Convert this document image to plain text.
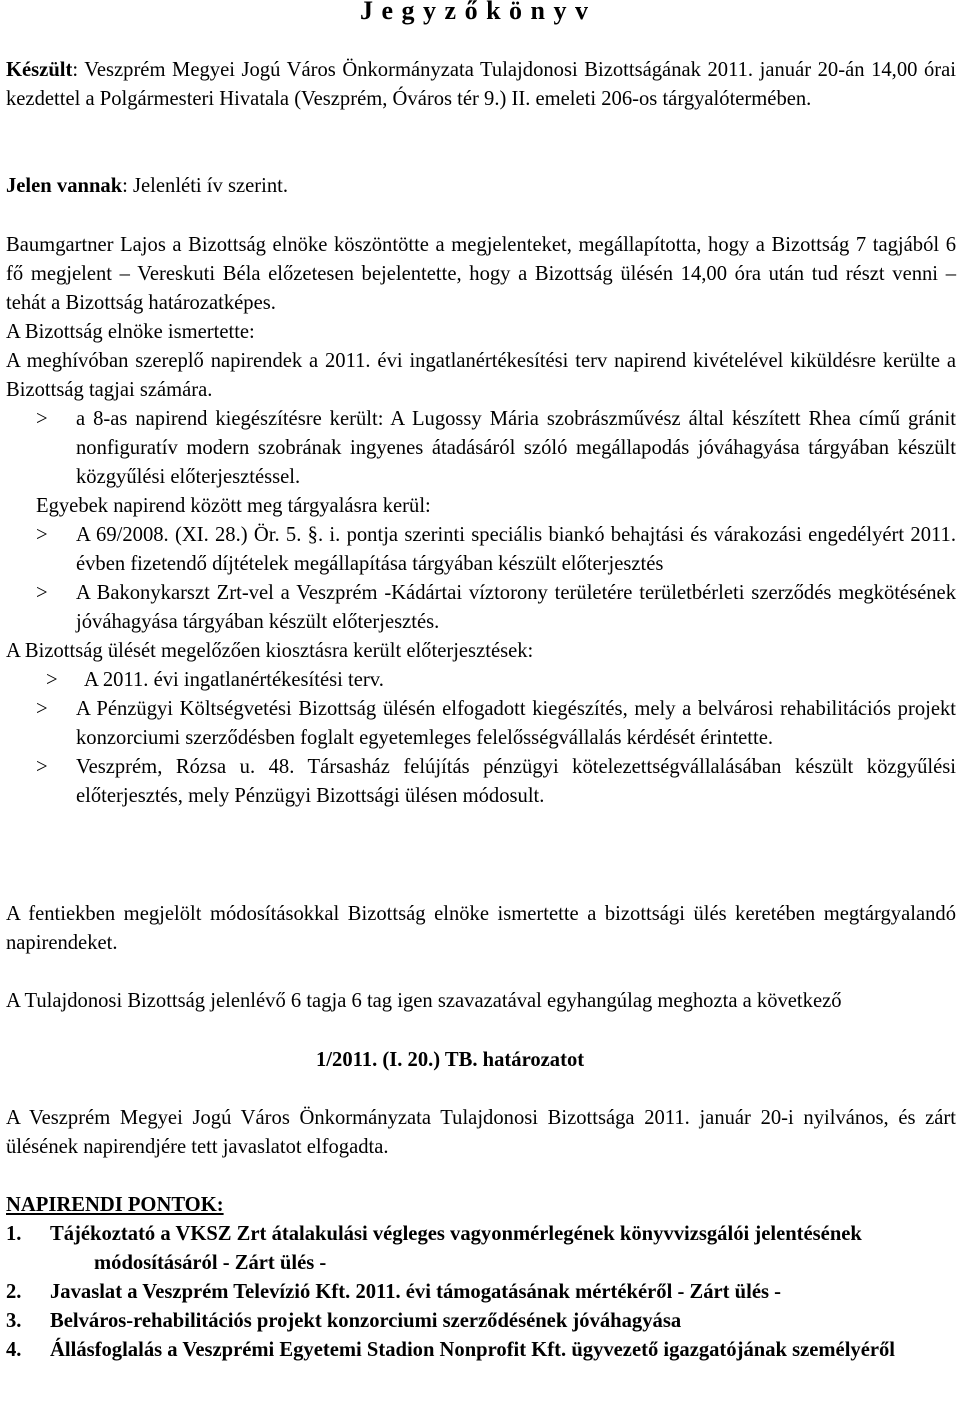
J e g y z ő k ö n y v
Készült: Veszprém Megyei Jogú Város Önkormányzata Tulajdonosi Bizottságának 2011. január 20-án 14,00 órai kezdettel a Polgármesteri Hivatala (Veszprém, Óváros tér 9.) II. emeleti 206-os tárgyalótermében.
Jelen vannak: Jelenléti ív szerint.
Baumgartner Lajos a Bizottság elnöke köszöntötte a megjelenteket, megállapította, hogy a Bizottság 7 tagjából 6 fő megjelent – Vereskuti Béla előzetesen bejelentette, hogy a Bizottság ülésén 14,00 óra után tud részt venni – tehát a Bizottság határozatképes.
A Bizottság elnöke ismertette:
A meghívóban szereplő napirendek a 2011. évi ingatlanértékesítési terv napirend kivételével kiküldésre kerülte a Bizottság tagjai számára.
> a 8-as napirend kiegészítésre került: A Lugossy Mária szobrászművész által készített Rhea című gránit nonfiguratív modern szobrának ingyenes átadásáról szóló megállapodás jóváhagyása tárgyában készült közgyűlési előterjesztéssel.
Egyebek napirend között meg tárgyalásra kerül:
> A 69/2008. (XI. 28.) Ör. 5. §. i. pontja szerinti speciális biankó behajtási és várakozási engedélyért 2011. évben fizetendő díjtételek megállapítása tárgyában készült előterjesztés
> A Bakonykarszt Zrt-vel a Veszprém -Kádártai víztorony területére területbérleti szerződés megkötésének jóváhagyása tárgyában készült előterjesztés.
A Bizottság ülését megelőzően kiosztásra került előterjesztések:
> A 2011. évi ingatlanértékesítési terv.
> A Pénzügyi Költségvetési Bizottság ülésén elfogadott kiegészítés, mely a belvárosi rehabilitációs projekt konzorciumi szerződésben foglalt egyetemleges felelősségvállalás kérdését érintette.
> Veszprém, Rózsa u. 48. Társasház felújítás pénzügyi kötelezettségvállalásában készült közgyűlési előterjesztés, mely Pénzügyi Bizottsági ülésen módosult.
A fentiekben megjelölt módosításokkal Bizottság elnöke ismertette a bizottsági ülés keretében megtárgyalandó napirendeket.
A Tulajdonosi Bizottság jelenlévő 6 tagja 6 tag igen szavazatával egyhangúlag meghozta a következő
1/2011. (I. 20.) TB. határozatot
A Veszprém Megyei Jogú Város Önkormányzata Tulajdonosi Bizottsága 2011. január 20-i nyilvános, és zárt ülésének napirendjére tett javaslatot elfogadta.
NAPIRENDI PONTOK:
1. Tájékoztató a VKSZ Zrt átalakulási végleges vagyonmérlegének könyvvizsgálói jelentésének módosításáról - Zárt ülés -
2. Javaslat a Veszprém Televízió Kft. 2011. évi támogatásának mértékéről - Zárt ülés -
3. Belváros-rehabilitációs projekt konzorciumi szerződésének jóváhagyása
4. Állásfoglalás a Veszprémi Egyetemi Stadion Nonprofit Kft. ügyvezető igazgatójának személyéről
